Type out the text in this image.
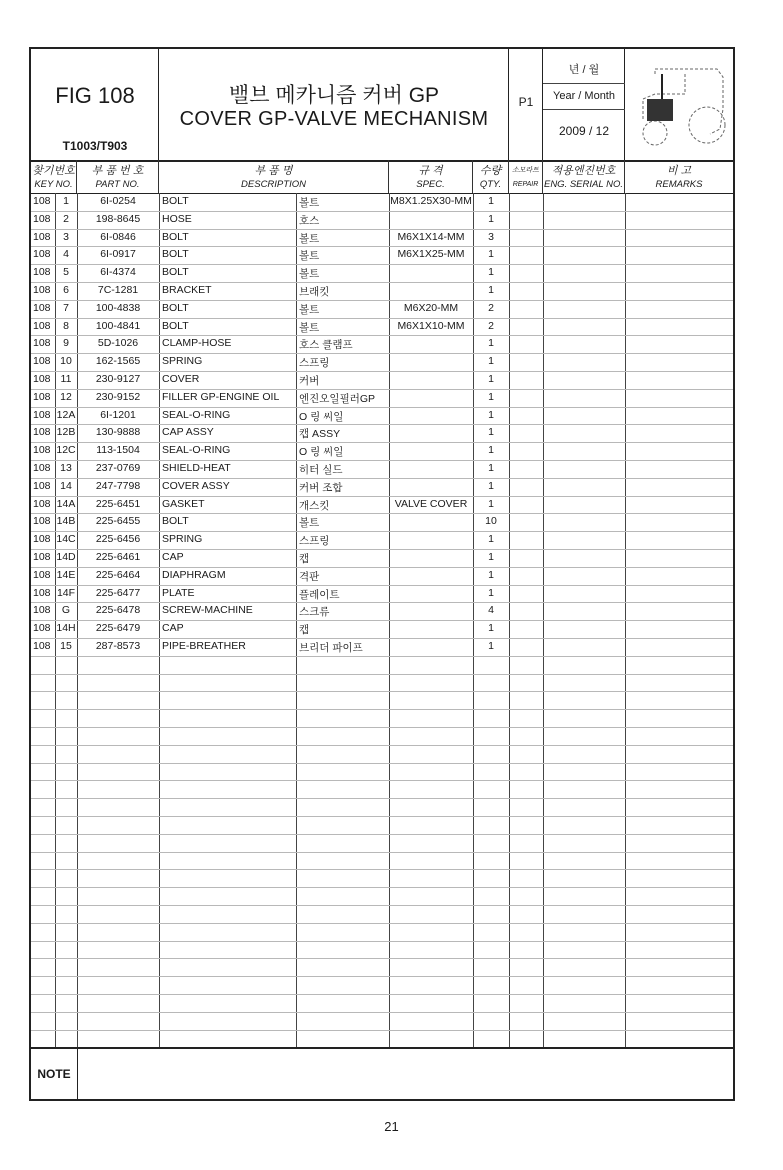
FIG 108
T1003/T903
밸브 메카니즘 커버 GP
COVER GP-VALVE MECHANISM
P1
년 / 월
Year / Month
2009 / 12
찾기번호
KEY NO.
부 품 번 호
PART NO.
부 품 명
DESCRIPTION
규 격
SPEC.
수량
QTY.
소모라트
REPAIR
적용엔진번호
ENG. SERIAL NO.
비 고
REMARKS
108	1	6I-0254	BOLT	볼트	M8X1.25X30-MM	1
108	2	198-8645	HOSE	호스	1
108	3	6I-0846	BOLT	볼트	M6X1X14-MM	3
108	4	6I-0917	BOLT	볼트	M6X1X25-MM	1
108	5	6I-4374	BOLT	볼트	1
108	6	7C-1281	BRACKET	브래킷	1
108	7	100-4838	BOLT	볼트	M6X20-MM	2
108	8	100-4841	BOLT	볼트	M6X1X10-MM	2
108	9	5D-1026	CLAMP-HOSE	호스 클램프	1
108 10	162-1565	SPRING	스프링	1
108 11	230-9127	COVER	커버	1
108 12	230-9152	FILLER GP-ENGINE OIL	엔진오일필러GP	1
108 12A	6I-1201	SEAL-O-RING	O 링 씨일	1
108 12B	130-9888	CAP ASSY	캡 ASSY	1
108 12C	113-1504	SEAL-O-RING	O 링 씨일	1
108 13	237-0769	SHIELD-HEAT	히터 실드	1
108 14	247-7798	COVER ASSY	커버 조합	1
108 14A	225-6451	GASKET	개스킷	VALVE COVER	1
108 14B	225-6455	BOLT	볼트	10
108 14C	225-6456	SPRING	스프링	1
108 14D	225-6461	CAP	캡	1
108 14E	225-6464	DIAPHRAGM	격판	1
108 14F	225-6477	PLATE	플레이트	1
108	G	225-6478	SCREW-MACHINE	스크류	4
108 14H	225-6479	CAP	캡	1
108 15	287-8573	PIPE-BREATHER	브리더 파이프	1
NOTE
21
